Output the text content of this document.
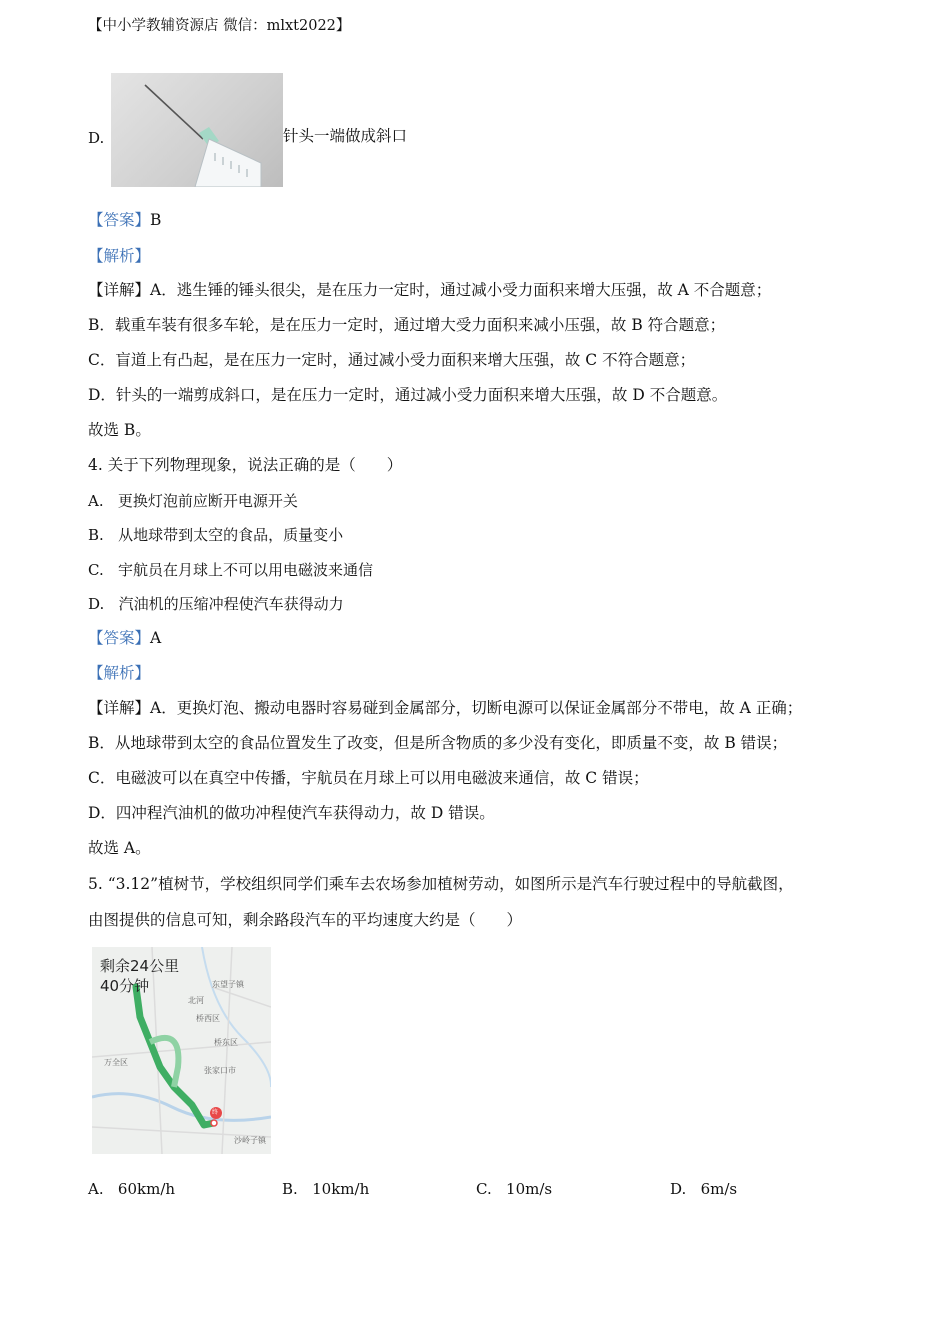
【中小学教辅资源店 微信：mlxt2022】
D.	针头一端做成斜口
【答案】B
【解析】
【详解】A．逃生锤的锤头很尖，是在压力一定时，通过减小受力面积来增大压强，故 A 不合题意；
B．载重车装有很多车轮，是在压力一定时，通过增大受力面积来减小压强，故 B 符合题意；
C．盲道上有凸起，是在压力一定时，通过减小受力面积来增大压强，故 C 不符合题意；
D．针头的一端剪成斜口，是在压力一定时，通过减小受力面积来增大压强，故 D 不合题意。
故选 B。
4. 关于下列物理现象，说法正确的是（　　）
A. 更换灯泡前应断开电源开关
B. 从地球带到太空的食品，质量变小
C. 宇航员在月球上不可以用电磁波来通信
D. 汽油机的压缩冲程使汽车获得动力
【答案】A
【解析】
【详解】A．更换灯泡、搬动电器时容易碰到金属部分，切断电源可以保证金属部分不带电，故 A 正确；
B．从地球带到太空的食品位置发生了改变，但是所含物质的多少没有变化，即质量不变，故 B 错误；
C．电磁波可以在真空中传播，宇航员在月球上可以用电磁波来通信，故 C 错误；
D．四冲程汽油机的做功冲程使汽车获得动力，故 D 错误。
故选 A。
5. “3.12”植树节，学校组织同学们乘车去农场参加植树劳动，如图所示是汽车行驶过程中的导航截图，
由图提供的信息可知，剩余路段汽车的平均速度大约是（　　）
剩余24公里
40分钟	东望子镇
北河
桥西区
桥东区
万全区
张家口市
沙岭子镇
终
A. 60km/h	B. 10km/h	C. 10m/s	D. 6m/s
